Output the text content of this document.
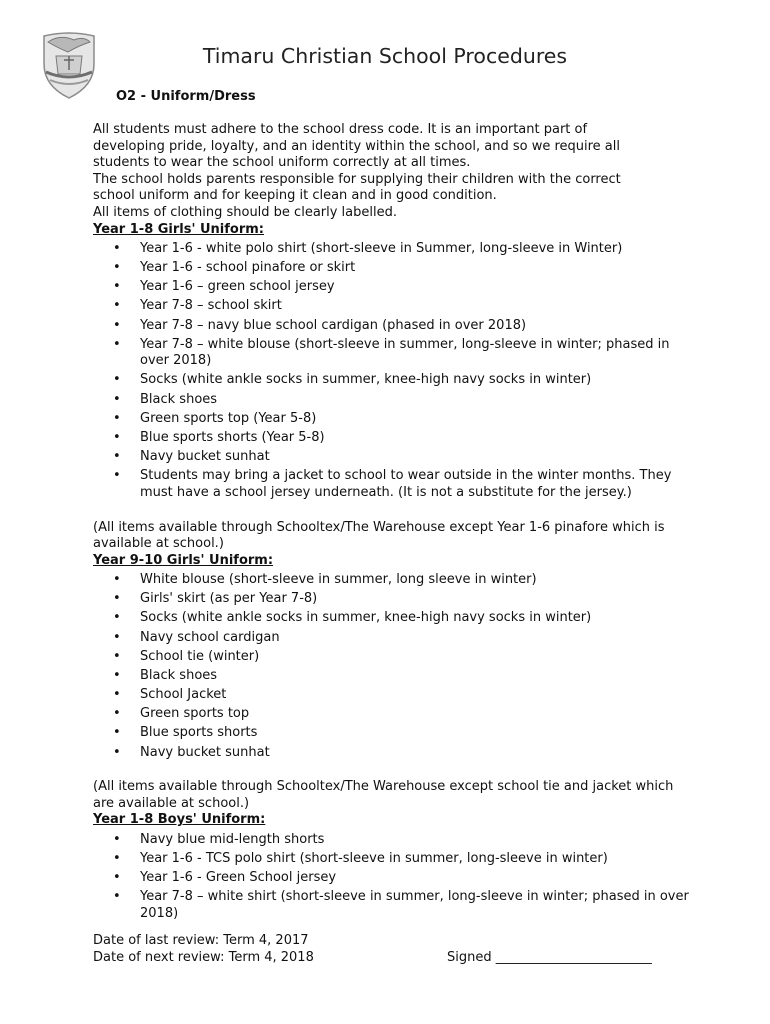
Timaru Christian School Procedures
O2 - Uniform/Dress

All students must adhere to the school dress code. It is an important part of

developing pride, loyalty, and an identity within the school, and so we require all

students to wear the school uniform correctly at all times.

The school holds parents responsible for supplying their children with the correct

school uniform and for keeping it clean and in good condition.

All items of clothing should be clearly labelled.

Year 1-8 Girls' Uniform:

• Year 1-6 - white polo shirt (short-sleeve in Summer, long-sleeve in Winter)
• Year 1-6 - school pinafore or skirt
• Year 1-6 – green school jersey
• Year 7-8 – school skirt
• Year 7-8 – navy blue school cardigan (phased in over 2018)
• Year 7-8 – white blouse (short-sleeve in summer, long-sleeve in winter; phased in over 2018)
• Socks (white ankle socks in summer, knee-high navy socks in winter)
• Black shoes
• Green sports top (Year 5-8)
• Blue sports shorts (Year 5-8)
• Navy bucket sunhat
• Students may bring a jacket to school to wear outside in the winter months. They must have a school jersey underneath. (It is not a substitute for the jersey.)

(All items available through Schooltex/The Warehouse except Year 1-6 pinafore which is available at school.)

Year 9-10 Girls' Uniform:

• White blouse (short-sleeve in summer, long sleeve in winter)
• Girls' skirt (as per Year 7-8)
• Socks (white ankle socks in summer, knee-high navy socks in winter)
• Navy school cardigan
• School tie (winter)
• Black shoes
• School Jacket
• Green sports top
• Blue sports shorts
• Navy bucket sunhat

(All items available through Schooltex/The Warehouse except school tie and jacket which are available at school.)

Year 1-8 Boys' Uniform:

• Navy blue mid-length shorts
• Year 1-6 - TCS polo shirt (short-sleeve in summer, long-sleeve in winter)
• Year 1-6 - Green School jersey
• Year 7-8 – white shirt (short-sleeve in summer, long-sleeve in winter; phased in over 2018)
Date of last review: Term 4, 2017
Date of next review: Term 4, 2018	Signed ________________________
